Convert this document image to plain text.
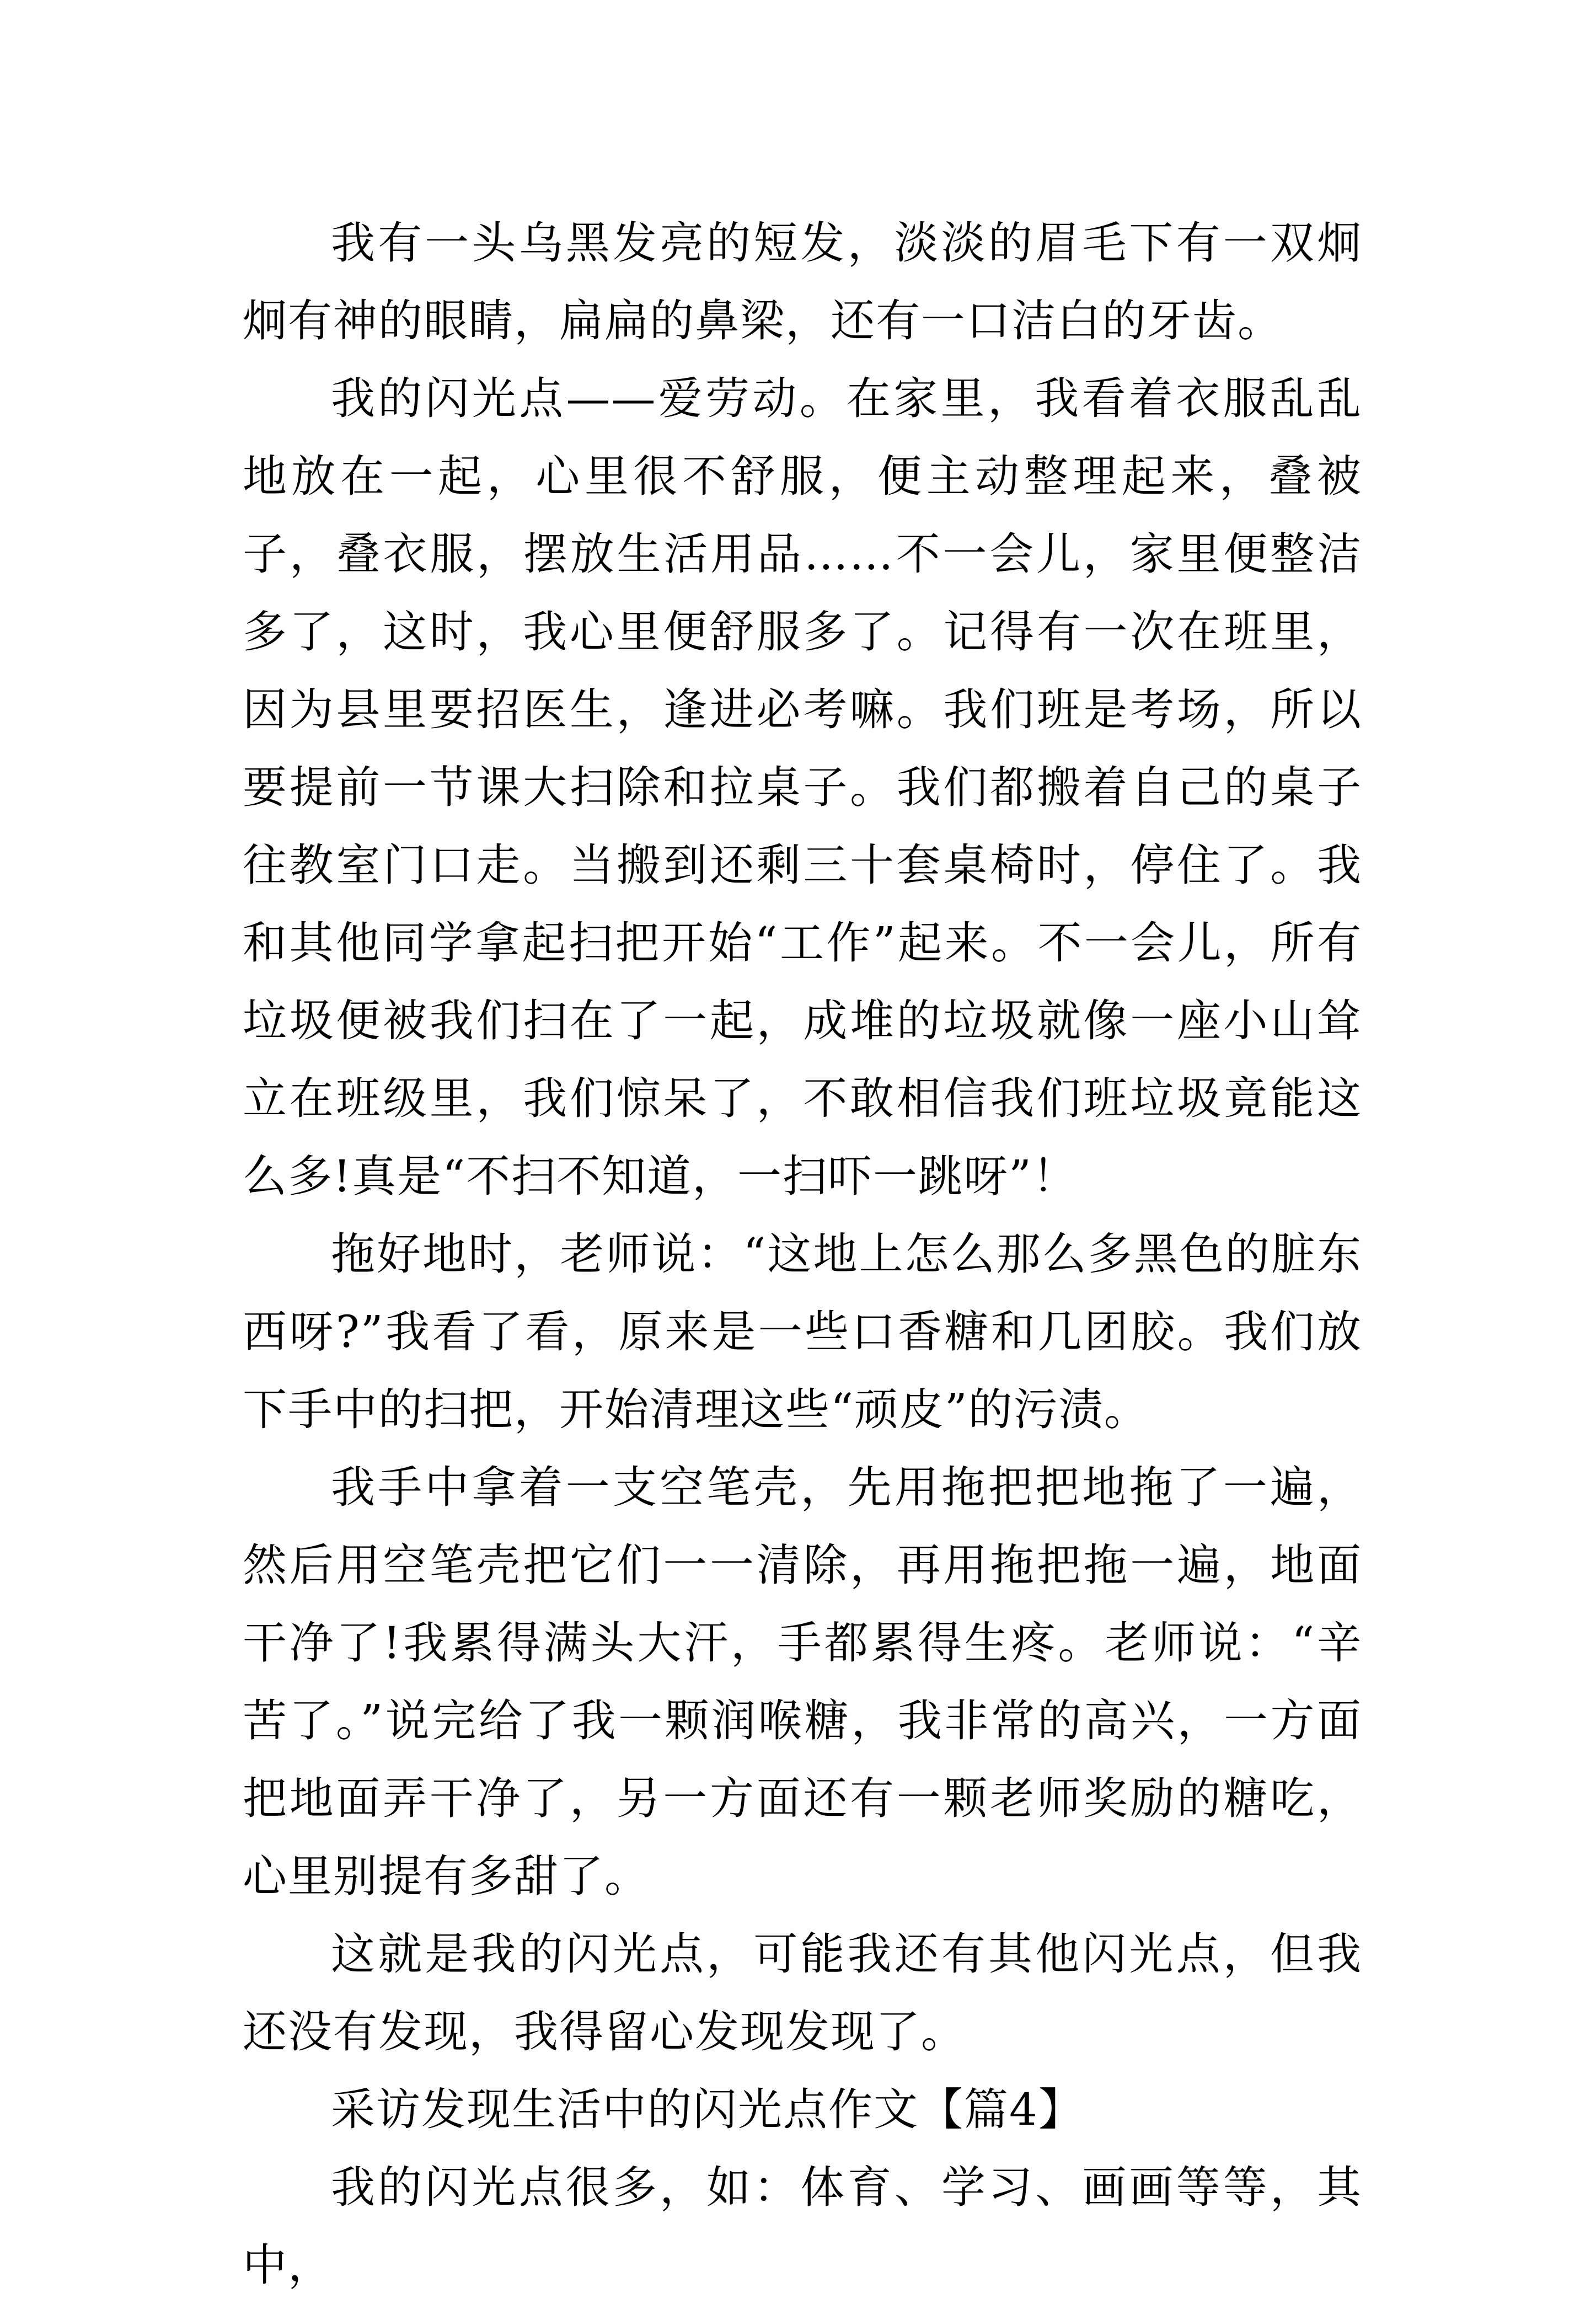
我有一头乌黑发亮的短发，淡淡的眉毛下有一双炯炯有神的眼睛，扁扁的鼻梁，还有一口洁白的牙齿。

我的闪光点——爱劳动。在家里，我看着衣服乱乱地放在一起，心里很不舒服，便主动整理起来，叠被子，叠衣服，摆放生活用品……不一会儿，家里便整洁多了，这时，我心里便舒服多了。记得有一次在班里，因为县里要招医生，逢进必考嘛。我们班是考场，所以要提前一节课大扫除和拉桌子。我们都搬着自己的桌子往教室门口走。当搬到还剩三十套桌椅时，停住了。我和其他同学拿起扫把开始“工作”起来。不一会儿，所有垃圾便被我们扫在了一起，成堆的垃圾就像一座小山耸立在班级里，我们惊呆了，不敢相信我们班垃圾竟能这么多!真是“不扫不知道，一扫吓一跳呀”！

拖好地时，老师说：“这地上怎么那么多黑色的脏东西呀?”我看了看，原来是一些口香糖和几团胶。我们放下手中的扫把，开始清理这些“顽皮”的污渍。

我手中拿着一支空笔壳，先用拖把把地拖了一遍，然后用空笔壳把它们一一清除，再用拖把拖一遍，地面干净了!我累得满头大汗，手都累得生疼。老师说：“辛苦了。”说完给了我一颗润喉糖，我非常的高兴，一方面把地面弄干净了，另一方面还有一颗老师奖励的糖吃，心里别提有多甜了。

这就是我的闪光点，可能我还有其他闪光点，但我还没有发现，我得留心发现发现了。

采访发现生活中的闪光点作文【篇4】

我的闪光点很多，如：体育、学习、画画等等，其中，
